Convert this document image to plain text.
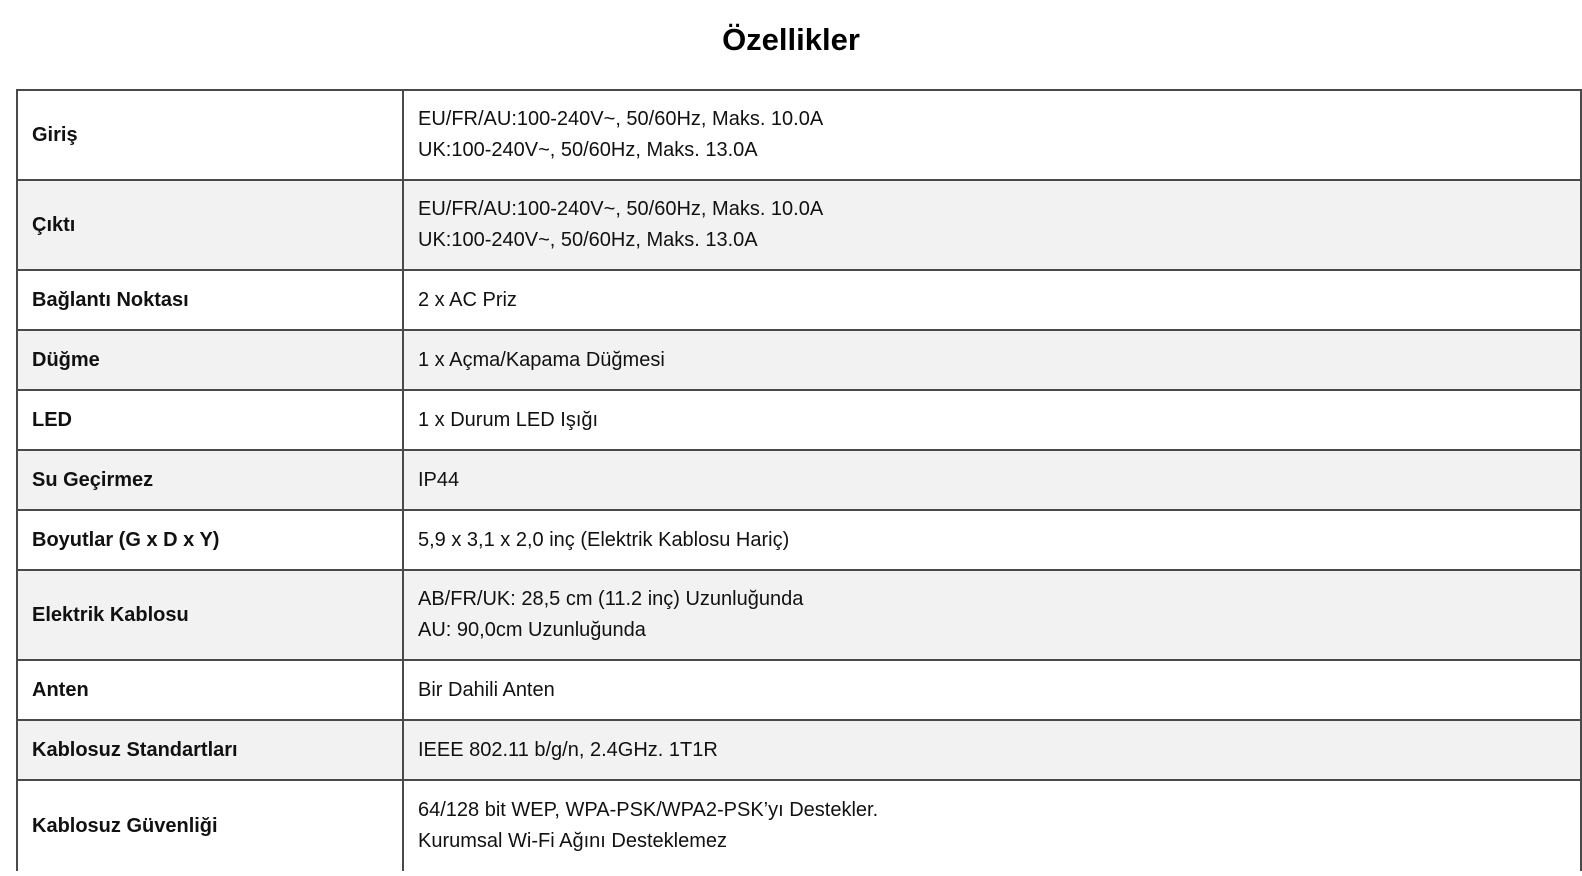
Özellikler
Giriş	EU/FR/AU:100-240V~, 50/60Hz, Maks. 10.0A
UK:100-240V~, 50/60Hz, Maks. 13.0A

Çıktı	EU/FR/AU:100-240V~, 50/60Hz, Maks. 10.0A
UK:100-240V~, 50/60Hz, Maks. 13.0A

Bağlantı Noktası	2 x AC Priz

Düğme	1 x Açma/Kapama Düğmesi

LED	1 x Durum LED Işığı

Su Geçirmez	IP44

Boyutlar (G x D x Y)	5,9 x 3,1 x 2,0 inç (Elektrik Kablosu Hariç)

Elektrik Kablosu	AB/FR/UK: 28,5 cm (11.2 inç) Uzunluğunda
AU: 90,0cm Uzunluğunda

Anten	Bir Dahili Anten

Kablosuz Standartları	IEEE 802.11 b/g/n, 2.4GHz. 1T1R

Kablosuz Güvenliği	64/128 bit WEP, WPA-PSK/WPA2-PSK’yı Destekler.
Kurumsal Wi-Fi Ağını Desteklemez
